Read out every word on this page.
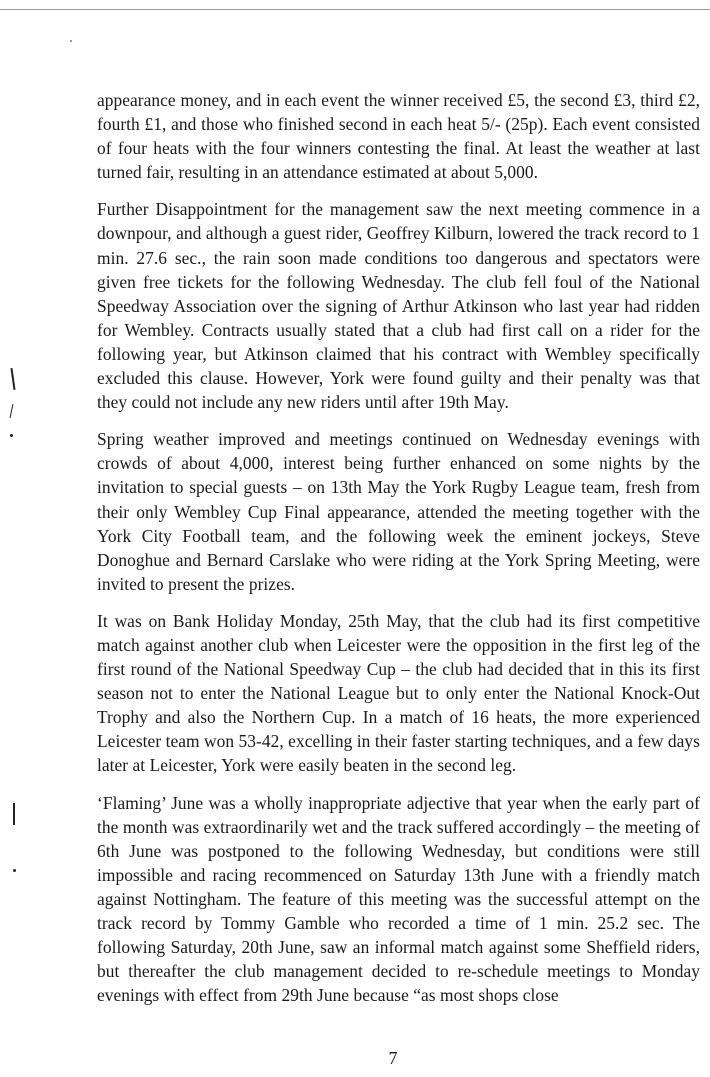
appearance money, and in each event the winner received £5, the second £3, third £2, fourth £1, and those who finished second in each heat 5/- (25p). Each event consisted of four heats with the four winners contesting the final. At least the weather at last turned fair, resulting in an attendance estimated at about 5,000.

Further Disappointment for the management saw the next meeting commence in a downpour, and although a guest rider, Geoffrey Kilburn, lowered the track record to 1 min. 27.6 sec., the rain soon made conditions too dangerous and spectators were given free tickets for the following Wednesday. The club fell foul of the National Speedway Association over the signing of Arthur Atkinson who last year had ridden for Wembley. Contracts usually stated that a club had first call on a rider for the following year, but Atkinson claimed that his contract with Wembley specifically excluded this clause. However, York were found guilty and their penalty was that they could not include any new riders until after 19th May.

Spring weather improved and meetings continued on Wednesday evenings with crowds of about 4,000, interest being further enhanced on some nights by the invitation to special guests – on 13th May the York Rugby League team, fresh from their only Wembley Cup Final appearance, attended the meeting together with the York City Football team, and the following week the eminent jockeys, Steve Donoghue and Bernard Carslake who were riding at the York Spring Meeting, were invited to present the prizes.

It was on Bank Holiday Monday, 25th May, that the club had its first competitive match against another club when Leicester were the opposition in the first leg of the first round of the National Speedway Cup – the club had decided that in this its first season not to enter the National League but to only enter the National Knock-Out Trophy and also the Northern Cup. In a match of 16 heats, the more experienced Leicester team won 53-42, excelling in their faster starting techniques, and a few days later at Leicester, York were easily beaten in the second leg.

‘Flaming’ June was a wholly inappropriate adjective that year when the early part of the month was extraordinarily wet and the track suffered accordingly – the meeting of 6th June was postponed to the following Wednesday, but conditions were still impossible and racing recommenced on Saturday 13th June with a friendly match against Nottingham. The feature of this meeting was the successful attempt on the track record by Tommy Gamble who recorded a time of 1 min. 25.2 sec. The following Saturday, 20th June, saw an informal match against some Sheffield riders, but thereafter the club management decided to re-schedule meetings to Monday evenings with effect from 29th June because “as most shops close

7
